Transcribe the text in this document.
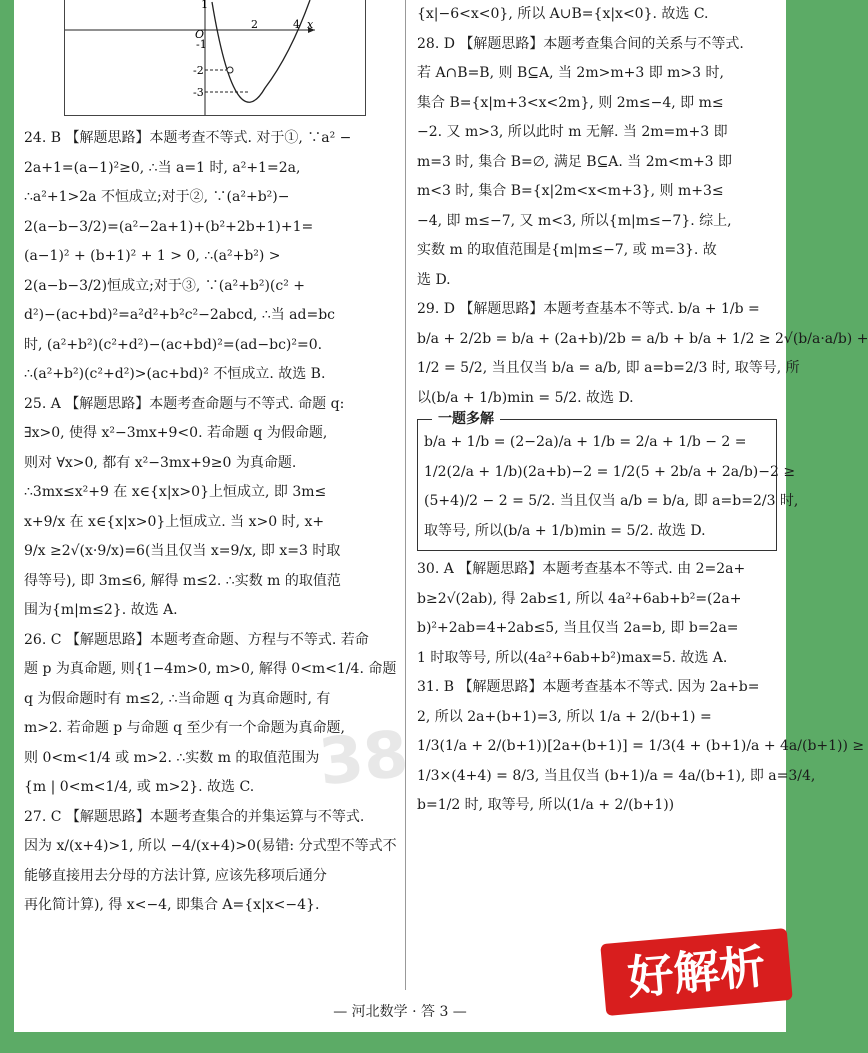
O
-1
-2
-3
1
2	4 x
24. B 【解题思路】本题考查不等式. 对于①, ∵a² −
2a+1=(a−1)²≥0, ∴当 a=1 时, a²+1=2a,
∴a²+1>2a 不恒成立;对于②, ∵(a²+b²)−
2(a−b−3/2)=(a²−2a+1)+(b²+2b+1)+1=
(a−1)² + (b+1)² + 1 > 0, ∴(a²+b²) >
2(a−b−3/2)恒成立;对于③, ∵(a²+b²)(c² +
d²)−(ac+bd)²=a²d²+b²c²−2abcd, ∴当 ad=bc
时, (a²+b²)(c²+d²)−(ac+bd)²=(ad−bc)²=0.
∴(a²+b²)(c²+d²)>(ac+bd)² 不恒成立. 故选 B.
25. A 【解题思路】本题考查命题与不等式. 命题 q:
∃x>0, 使得 x²−3mx+9<0. 若命题 q 为假命题,
则对 ∀x>0, 都有 x²−3mx+9≥0 为真命题.
∴3mx≤x²+9 在 x∈{x|x>0}上恒成立, 即 3m≤
x+9/x 在 x∈{x|x>0}上恒成立. 当 x>0 时, x+
9/x ≥2√(x·9/x)=6(当且仅当 x=9/x, 即 x=3 时取
得等号), 即 3m≤6, 解得 m≤2. ∴实数 m 的取值范
围为{m|m≤2}. 故选 A.
26. C 【解题思路】本题考查命题、方程与不等式. 若命
题 p 为真命题, 则{1−4m>0, m>0, 解得 0<m<1/4. 命题
q 为假命题时有 m≤2, ∴当命题 q 为真命题时, 有
m>2. 若命题 p 与命题 q 至少有一个命题为真命题,
则 0<m<1/4 或 m>2. ∴实数 m 的取值范围为
{m | 0<m<1/4, 或 m>2}. 故选 C.
27. C 【解题思路】本题考查集合的并集运算与不等式.
因为 x/(x+4)>1, 所以 −4/(x+4)>0(易错: 分式型不等式不
能够直接用去分母的方法计算, 应该先移项后通分
再化简计算), 得 x<−4, 即集合 A={x|x<−4}.
{x|−6<x<0}, 所以 A∪B={x|x<0}. 故选 C.
28. D 【解题思路】本题考查集合间的关系与不等式.
若 A∩B=B, 则 B⊆A, 当 2m>m+3 即 m>3 时,
集合 B={x|m+3<x<2m}, 则 2m≤−4, 即 m≤
−2. 又 m>3, 所以此时 m 无解. 当 2m=m+3 即
m=3 时, 集合 B=∅, 满足 B⊆A. 当 2m<m+3 即
m<3 时, 集合 B={x|2m<x<m+3}, 则 m+3≤
−4, 即 m≤−7, 又 m<3, 所以{m|m≤−7}. 综上,
实数 m 的取值范围是{m|m≤−7, 或 m=3}. 故
选 D.
29. D 【解题思路】本题考查基本不等式. b/a + 1/b =
b/a + 2/2b = b/a + (2a+b)/2b = a/b + b/a + 1/2 ≥ 2√(b/a·a/b) +
1/2 = 5/2, 当且仅当 b/a = a/b, 即 a=b=2/3 时, 取等号, 所
以(b/a + 1/b)min = 5/2. 故选 D.
一题多解
b/a + 1/b = (2−2a)/a + 1/b = 2/a + 1/b − 2 =
1/2(2/a + 1/b)(2a+b)−2 = 1/2(5 + 2b/a + 2a/b)−2 ≥
(5+4)/2 − 2 = 5/2. 当且仅当 a/b = b/a, 即 a=b=2/3 时,
取等号, 所以(b/a + 1/b)min = 5/2. 故选 D.
30. A 【解题思路】本题考查基本不等式. 由 2=2a+
b≥2√(2ab), 得 2ab≤1, 所以 4a²+6ab+b²=(2a+
b)²+2ab=4+2ab≤5, 当且仅当 2a=b, 即 b=2a=
1 时取等号, 所以(4a²+6ab+b²)max=5. 故选 A.
31. B 【解题思路】本题考查基本不等式. 因为 2a+b=
2, 所以 2a+(b+1)=3, 所以 1/a + 2/(b+1) =
1/3(1/a + 2/(b+1))[2a+(b+1)] = 1/3(4 + (b+1)/a + 4a/(b+1)) ≥
1/3×(4+4) = 8/3, 当且仅当 (b+1)/a = 4a/(b+1), 即 a=3/4,
b=1/2 时, 取等号, 所以(1/a + 2/(b+1))
38
— 河北数学 · 答 3 —
好解析
